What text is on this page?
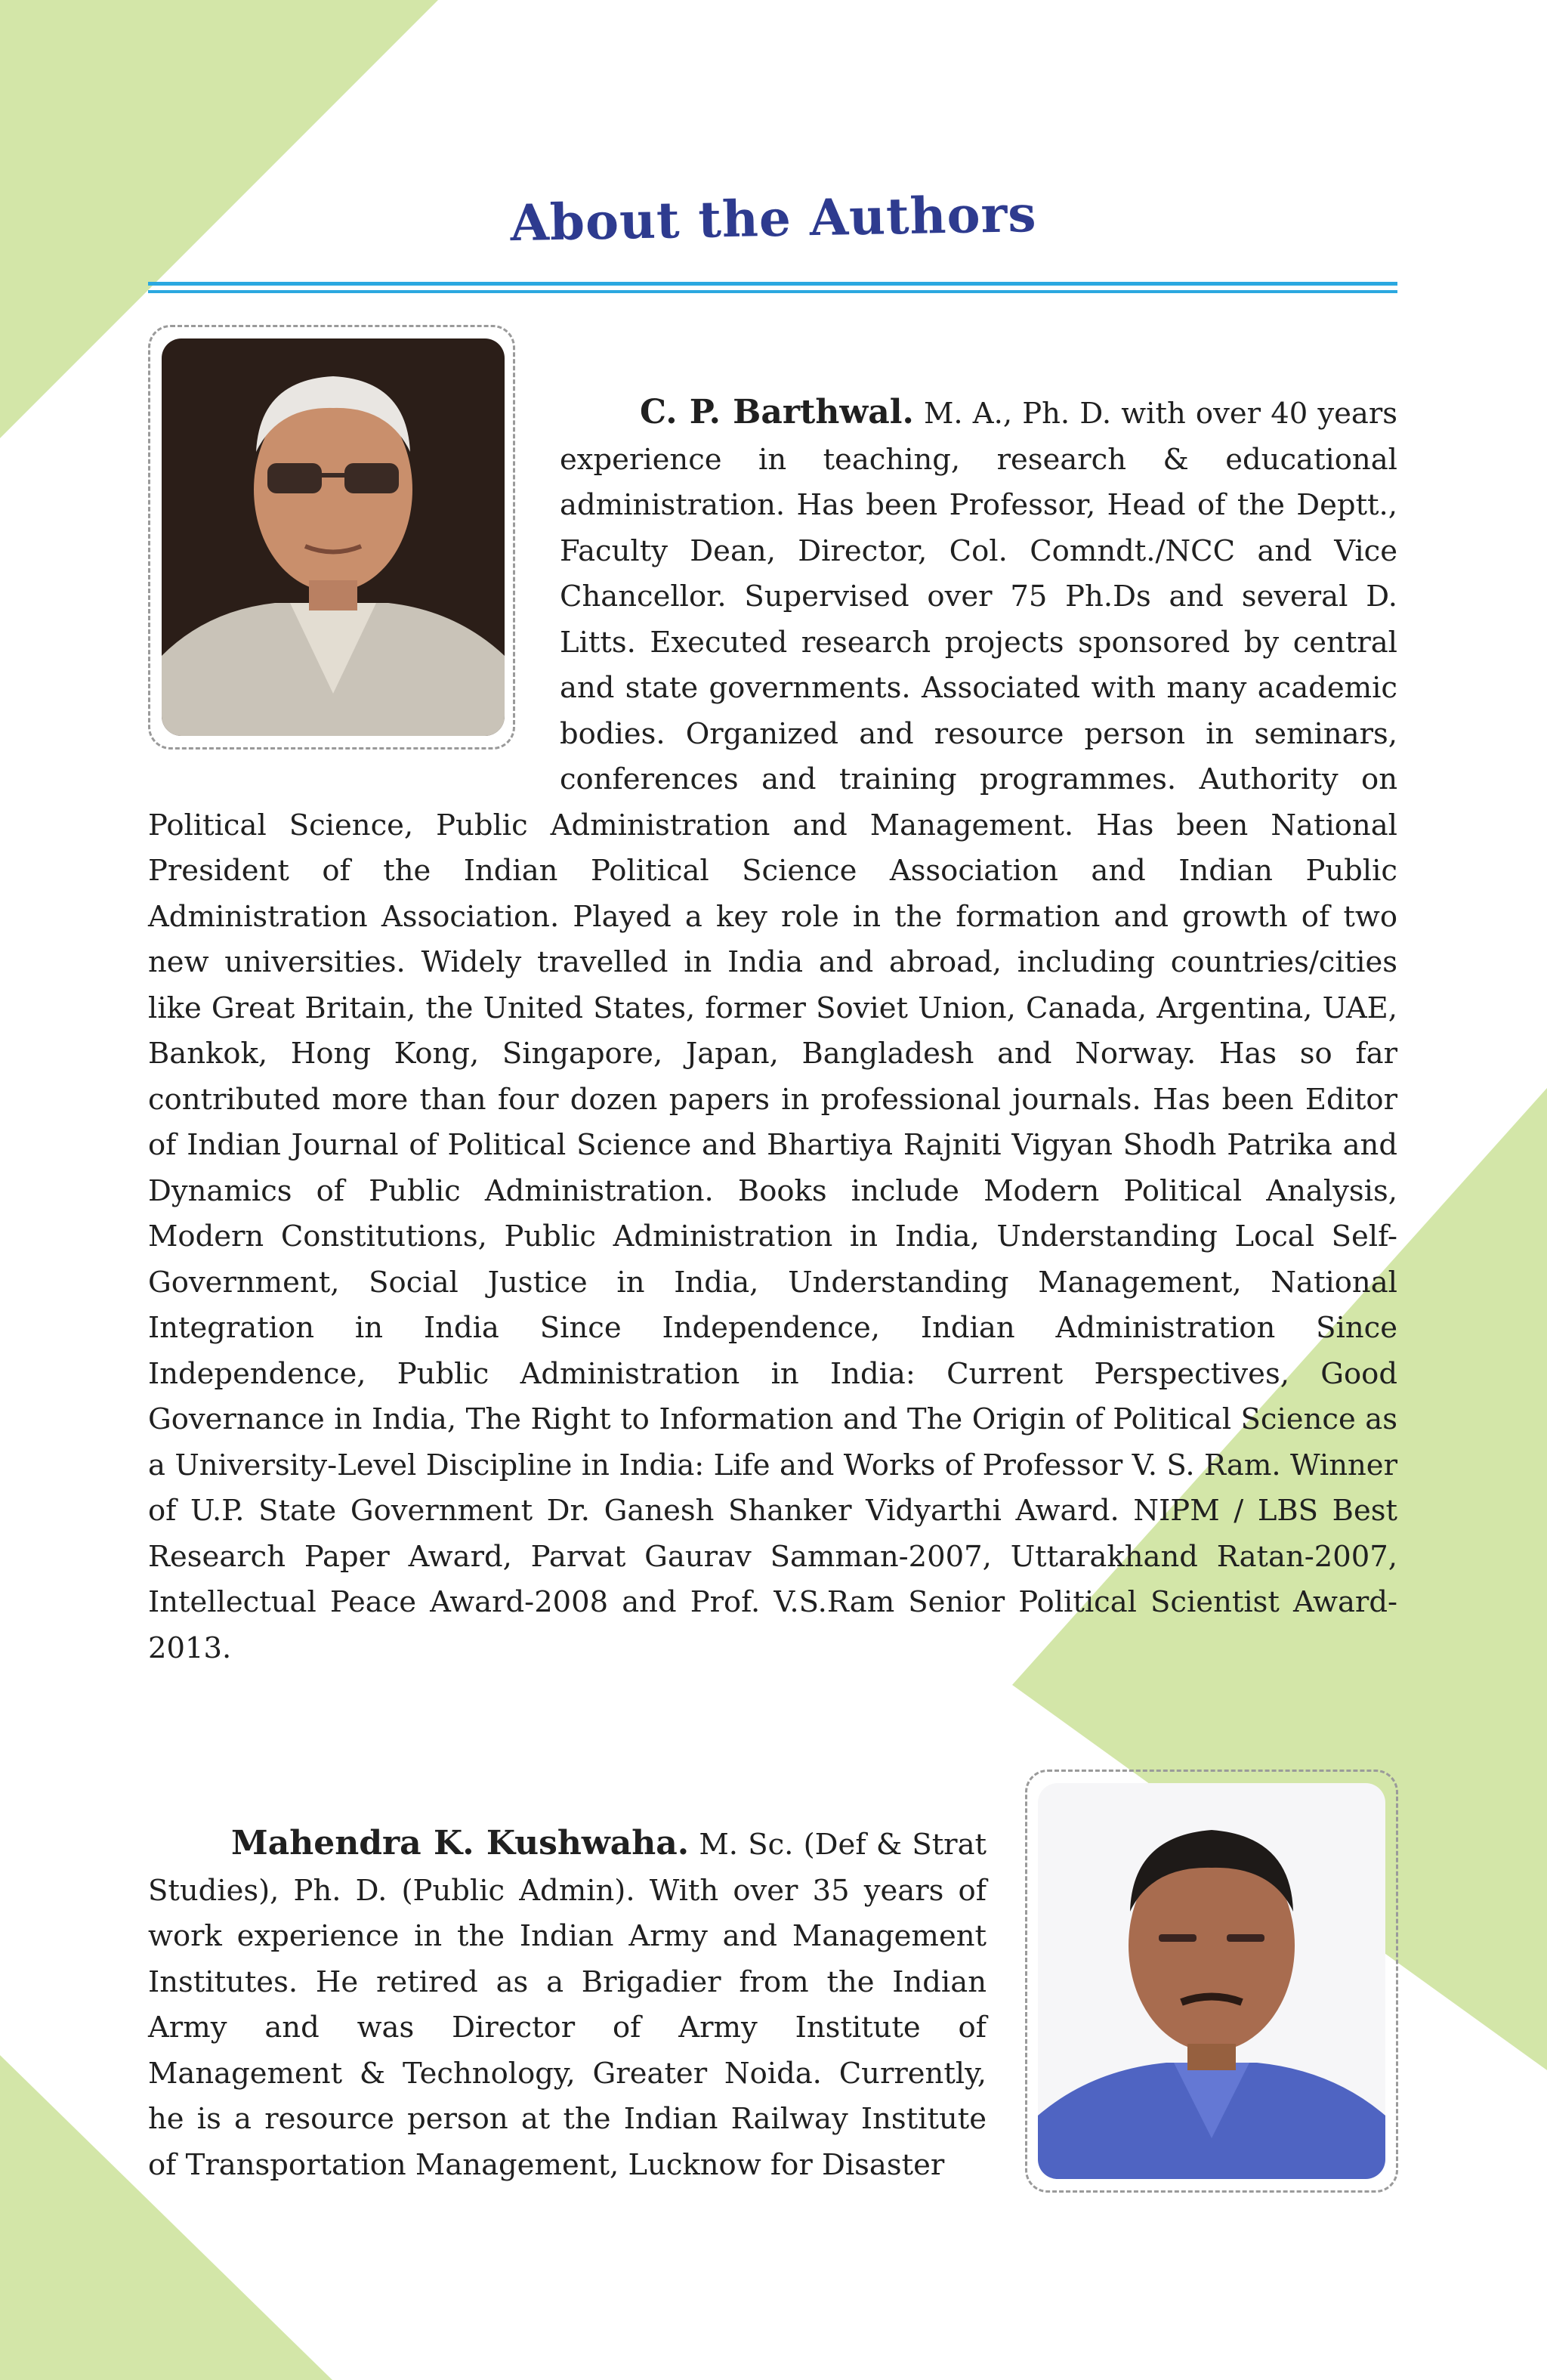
About the Authors

C. P. Barthwal. M. A., Ph. D. with over 40 years experience in teaching, research & educational administration. Has been Professor, Head of the Deptt., Faculty Dean, Director, Col. Comndt./NCC and Vice Chancellor. Supervised over 75 Ph.Ds and several D. Litts. Executed research projects sponsored by central and state governments. Associated with many academic bodies. Organized and resource person in seminars, conferences and training programmes. Authority on Political Science, Public Administration and Management. Has been National President of the Indian Political Science Association and Indian Public Administration Association. Played a key role in the formation and growth of two new universities. Widely travelled in India and abroad, including countries/cities like Great Britain, the United States, former Soviet Union, Canada, Argentina, UAE, Bankok, Hong Kong, Singapore, Japan, Bangladesh and Norway. Has so far contributed more than four dozen papers in professional journals. Has been Editor of Indian Journal of Political Science and Bhartiya Rajniti Vigyan Shodh Patrika and Dynamics of Public Administration. Books include Modern Political Analysis, Modern Constitutions, Public Administration in India, Understanding Local Self-Government, Social Justice in India, Understanding Management, National Integration in India Since Independence, Indian Administration Since Independence, Public Administration in India: Current Perspectives, Good Governance in India, The Right to Information and The Origin of Political Science as a University-Level Discipline in India: Life and Works of Professor V. S. Ram. Winner of U.P. State Government Dr. Ganesh Shanker Vidyarthi Award. NIPM / LBS Best Research Paper Award, Parvat Gaurav Samman-2007, Uttarakhand Ratan-2007, Intellectual Peace Award-2008 and Prof. V.S.Ram Senior Political Scientist Award-2013.

Mahendra K. Kushwaha. M. Sc. (Def & Strat Studies), Ph. D. (Public Admin). With over 35 years of work experience in the Indian Army and Management Institutes. He retired as a Brigadier from the Indian Army and was Director of Army Institute of Management & Technology, Greater Noida. Currently, he is a resource person at the Indian Railway Institute of Transportation Management, Lucknow for Disaster
